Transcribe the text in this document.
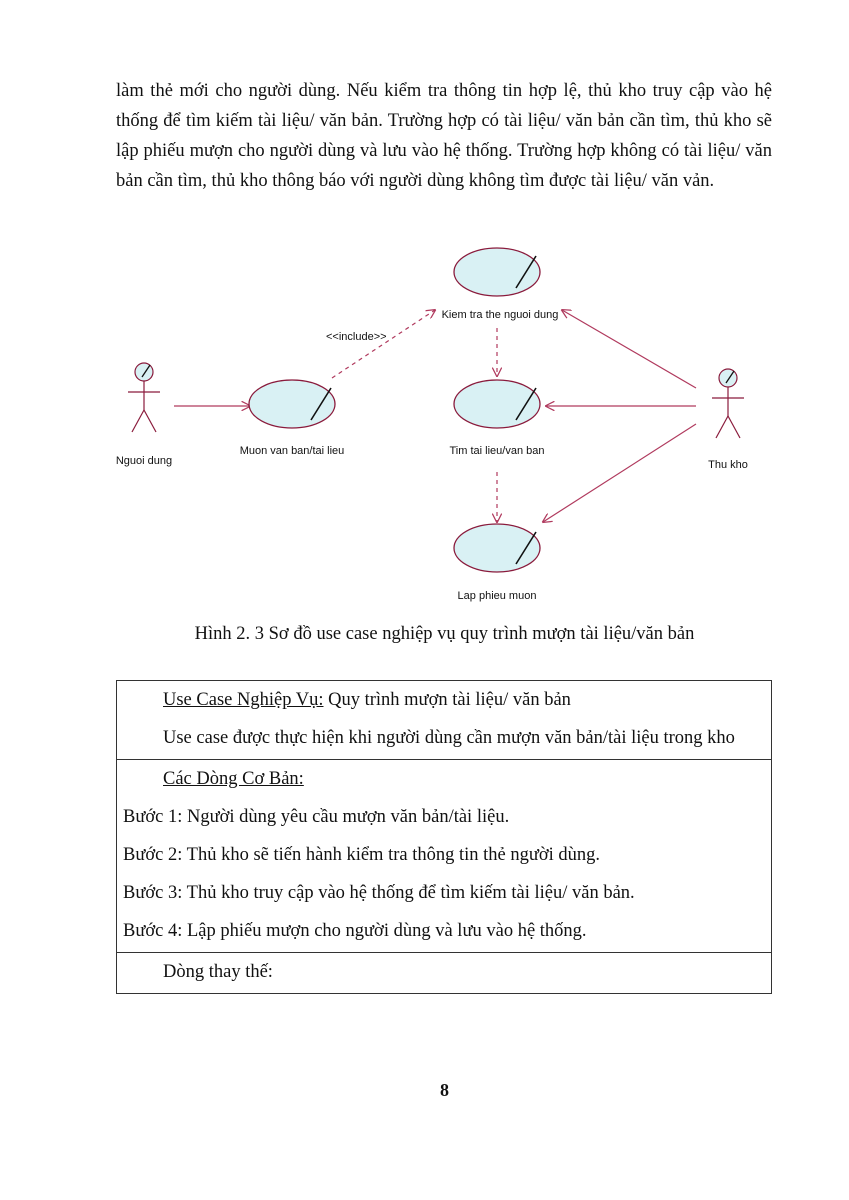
làm thẻ mới cho người dùng. Nếu kiểm tra thông tin hợp lệ, thủ kho truy cập vào hệ thống để tìm kiếm tài liệu/ văn bản. Trường hợp có tài liệu/ văn bản cần tìm, thủ kho sẽ lập phiếu mượn cho người dùng và lưu vào hệ thống. Trường hợp không có tài liệu/ văn bản cần tìm, thủ kho thông báo với người dùng không tìm được tài liệu/ văn vản.

<<include>>
Nguoi dung	Thu kho
Kiem tra the nguoi dung
Muon van ban/tai lieu	Tim tai lieu/van ban
Lap phieu muon
Hình 2. 3 Sơ đồ use case nghiệp vụ quy trình mượn tài liệu/văn bản

Use Case Nghiệp Vụ: Quy trình mượn tài liệu/ văn bản

Use case được thực hiện khi người dùng cần mượn văn bản/tài liệu trong kho

Các Dòng Cơ Bản:

Bước 1: Người dùng yêu cầu mượn văn bản/tài liệu.

Bước 2: Thủ kho sẽ tiến hành kiểm tra thông tin thẻ người dùng.

Bước 3: Thủ kho truy cập vào hệ thống để tìm kiếm tài liệu/ văn bản.

Bước 4: Lập phiếu mượn cho người dùng và lưu vào hệ thống.

Dòng thay thế:

8
